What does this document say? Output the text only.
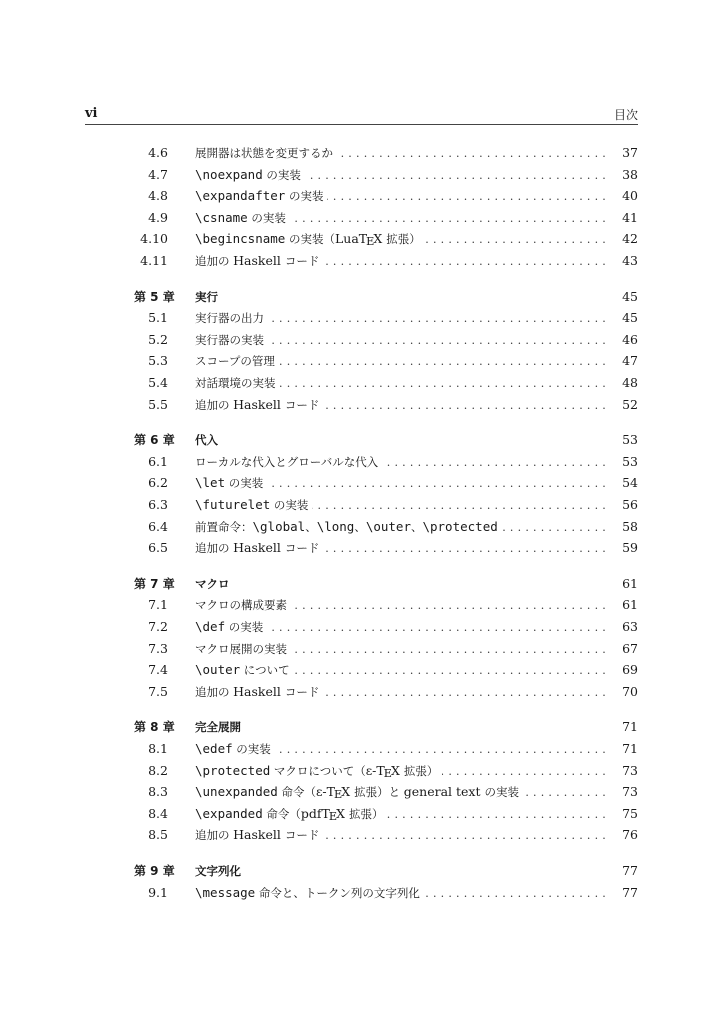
vi	目次
4.6 展開器は状態を変更するか .....	37
4.7 \noexpand の実装 .....	38
4.8 \expandafter の実装 .....	40
4.9 \csname の実装 .....	41
4.10 \begincsname の実装（LuaTEX 拡張） .....	42
4.11 追加の Haskell コード .....	43
第 5 章 実行	45
5.1 実行器の出力 .....	45
5.2 実行器の実装 .....	46
5.3 スコープの管理 .....	47
5.4 対話環境の実装 .....	48
5.5 追加の Haskell コード .....	52
第 6 章 代入	53
6.1 ローカルな代入とグローバルな代入 .....	53
6.2 \let の実装 .....	54
6.3 \futurelet の実装 .....	56
6.4 前置命令：\global、\long、\outer、\protected .....	58
6.5 追加の Haskell コード .....	59
第 7 章 マクロ	61
7.1 マクロの構成要素 .....	61
7.2 \def の実装 .....	63
7.3 マクロ展開の実装 .....	67
7.4 \outer について .....	69
7.5 追加の Haskell コード .....	70
第 8 章 完全展開	71
8.1 \edef の実装 .....	71
8.2 \protected マクロについて（ε-TEX 拡張） .....	73
8.3 \unexpanded 命令（ε-TEX 拡張）と general text の実装 .....	73
8.4 \expanded 命令（pdfTEX 拡張） .....	75
8.5 追加の Haskell コード .....	76
第 9 章 文字列化	77
9.1 \message 命令と、トークン列の文字列化 .....	77
